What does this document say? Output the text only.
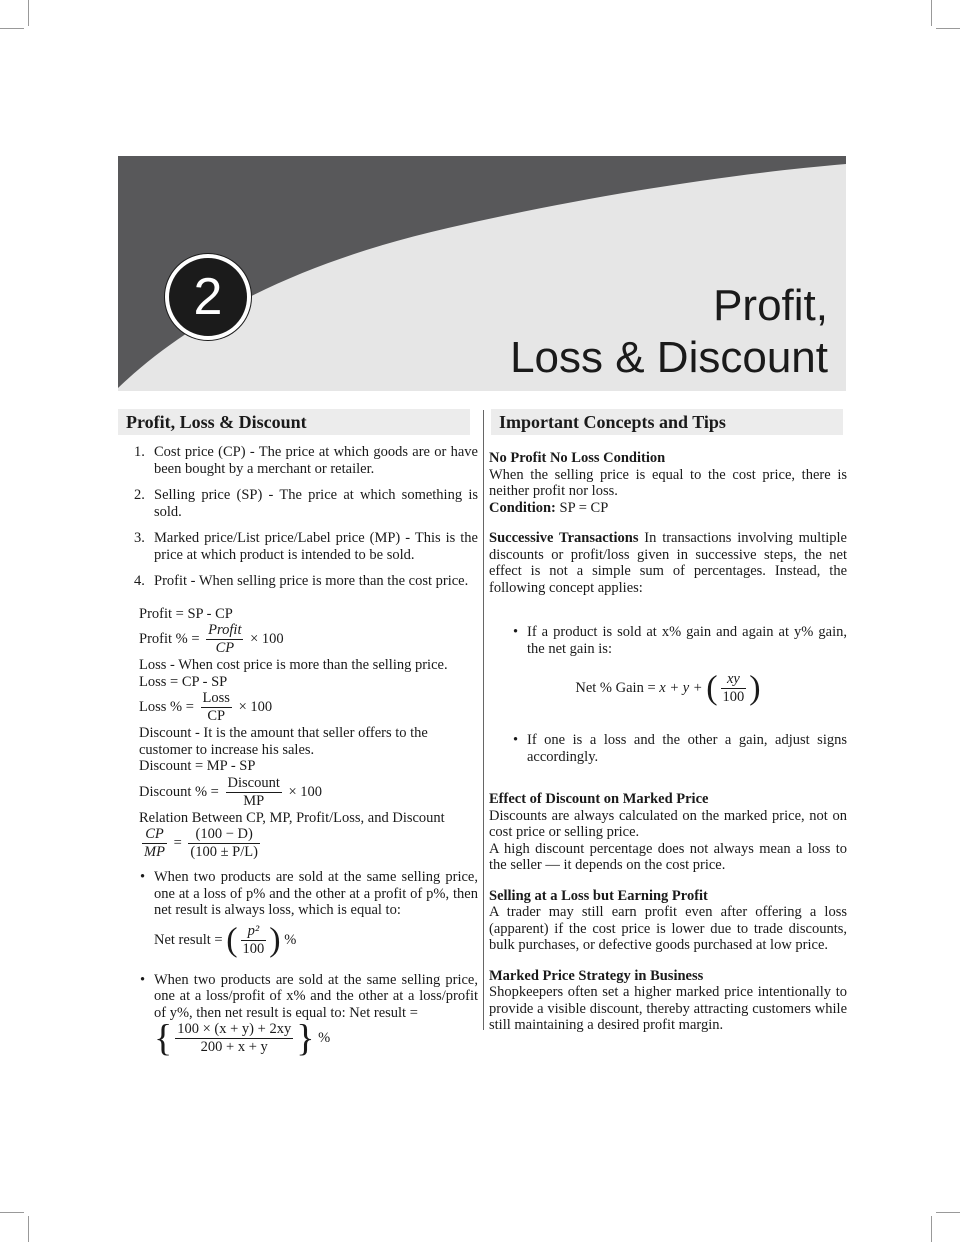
2	Profit,
Loss & Discount
Profit, Loss & Discount	Important Concepts and Tips
1. Cost price (CP) - The price at which goods are or have been bought by a merchant or retailer.
2. Selling price (SP) - The price at which something is sold.
3. Marked price/List price/Label price (MP) - This is the price at which product is intended to be sold.
4. Profit - When selling price is more than the cost price.
Profit = SP - CP
Profit % = $\frac{\text{Profit}}{CP} \times 100$
Loss - When cost price is more than the selling price.
Loss = CP - SP
Loss % = $\frac{\text{Loss}}{CP} \times 100$
Discount - It is the amount that seller offers to the customer to increase his sales.
Discount = MP - SP
Discount % = $\frac{\text{Discount}}{MP} \times 100$
Relation Between CP, MP, Profit/Loss, and Discount
$\frac{CP}{MP} = \frac{(100 - D)}{(100 \pm P/L)}$
• When two products are sold at the same selling price, one at a loss of p% and the other at a profit of p%, then net result is always loss, which is equal to:
Net result = ( $\frac{\text{p²}}{100}$ ) %
• When two products are sold at the same selling price, one at a loss/profit of x% and the other at a loss/profit of y%, then net result is equal to: Net result =
{ $\frac{100 \times (x + y) + 2xy}{200 + x + y}$ } %
No Profit No Loss Condition
When the selling price is equal to the cost price, there is neither profit nor loss.
Condition: SP = CP
Successive Transactions In transactions involving multiple discounts or profit/loss given in successive steps, the net effect is not a simple sum of percentages. Instead, the following concept applies:
• If a product is sold at x% gain and again at y% gain, the net gain is:
Net % Gain = x + y + ( $\frac{xy}{100}$ )
• If one is a loss and the other a gain, adjust signs accordingly.
Effect of Discount on Marked Price
Discounts are always calculated on the marked price, not on cost price or selling price.
A high discount percentage does not always mean a loss to the seller — it depends on the cost price.
Selling at a Loss but Earning Profit
A trader may still earn profit even after offering a loss (apparent) if the cost price is lower due to trade discounts, bulk purchases, or defective goods purchased at low price.
Marked Price Strategy in Business
Shopkeepers often set a higher marked price intentionally to provide a visible discount, thereby attracting customers while still maintaining a desired profit margin.
